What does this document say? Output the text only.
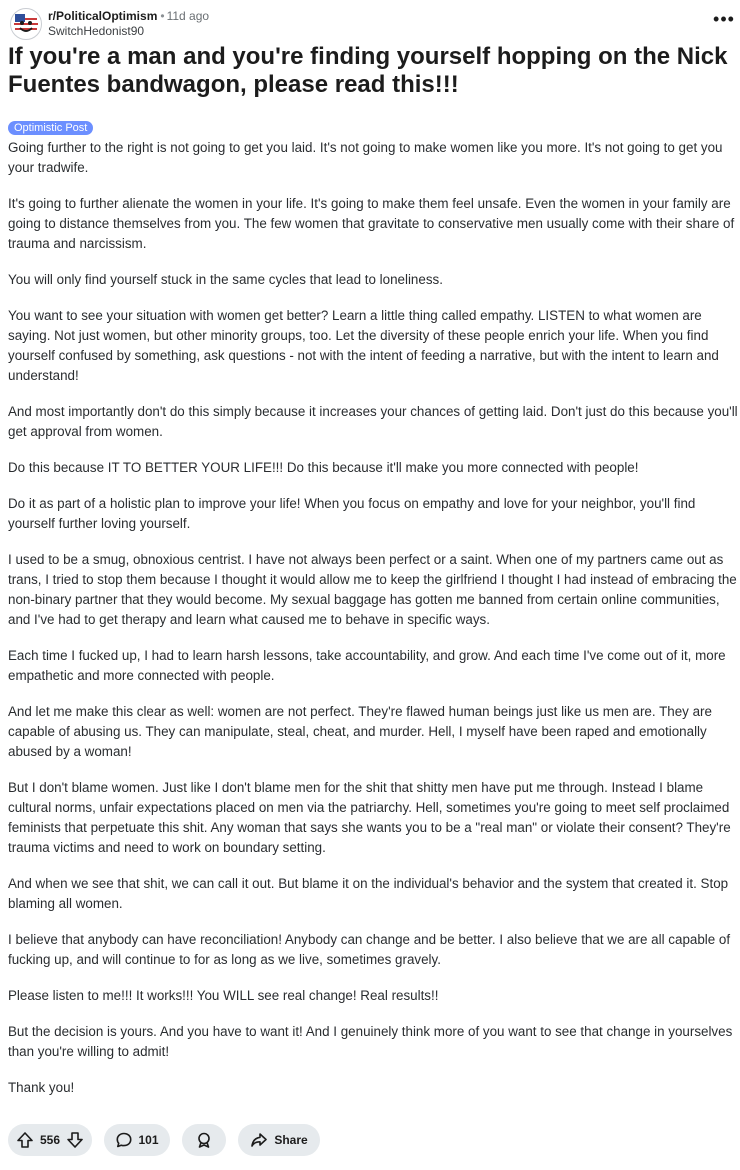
r/PoliticalOptimism • 11d ago
SwitchHedonist90
•••
If you're a man and you're finding yourself hopping on the Nick Fuentes bandwagon, please read this!!!
Optimistic Post

Going further to the right is not going to get you laid. It's not going to make women like you more. It's not going to get you your tradwife.

It's going to further alienate the women in your life. It's going to make them feel unsafe. Even the women in your family are going to distance themselves from you. The few women that gravitate to conservative men usually come with their share of trauma and narcissism.

You will only find yourself stuck in the same cycles that lead to loneliness.

You want to see your situation with women get better? Learn a little thing called empathy. LISTEN to what women are saying. Not just women, but other minority groups, too. Let the diversity of these people enrich your life. When you find yourself confused by something, ask questions - not with the intent of feeding a narrative, but with the intent to learn and understand!

And most importantly don't do this simply because it increases your chances of getting laid. Don't just do this because you'll get approval from women.

Do this because IT TO BETTER YOUR LIFE!!! Do this because it'll make you more connected with people!

Do it as part of a holistic plan to improve your life! When you focus on empathy and love for your neighbor, you'll find yourself further loving yourself.

I used to be a smug, obnoxious centrist. I have not always been perfect or a saint. When one of my partners came out as trans, I tried to stop them because I thought it would allow me to keep the girlfriend I thought I had instead of embracing the non-binary partner that they would become. My sexual baggage has gotten me banned from certain online communities, and I've had to get therapy and learn what caused me to behave in specific ways.

Each time I fucked up, I had to learn harsh lessons, take accountability, and grow. And each time I've come out of it, more empathetic and more connected with people.

And let me make this clear as well: women are not perfect. They're flawed human beings just like us men are. They are capable of abusing us. They can manipulate, steal, cheat, and murder. Hell, I myself have been raped and emotionally abused by a woman!

But I don't blame women. Just like I don't blame men for the shit that shitty men have put me through. Instead I blame cultural norms, unfair expectations placed on men via the patriarchy. Hell, sometimes you're going to meet self proclaimed feminists that perpetuate this shit. Any woman that says she wants you to be a "real man" or violate their consent? They're trauma victims and need to work on boundary setting.

And when we see that shit, we can call it out. But blame it on the individual's behavior and the system that created it. Stop blaming all women.

I believe that anybody can have reconciliation! Anybody can change and be better. I also believe that we are all capable of fucking up, and will continue to for as long as we live, sometimes gravely.

Please listen to me!!! It works!!! You WILL see real change! Real results!!

But the decision is yours. And you have to want it! And I genuinely think more of you want to see that change in yourselves than you're willing to admit!

Thank you!

556	101	Share
